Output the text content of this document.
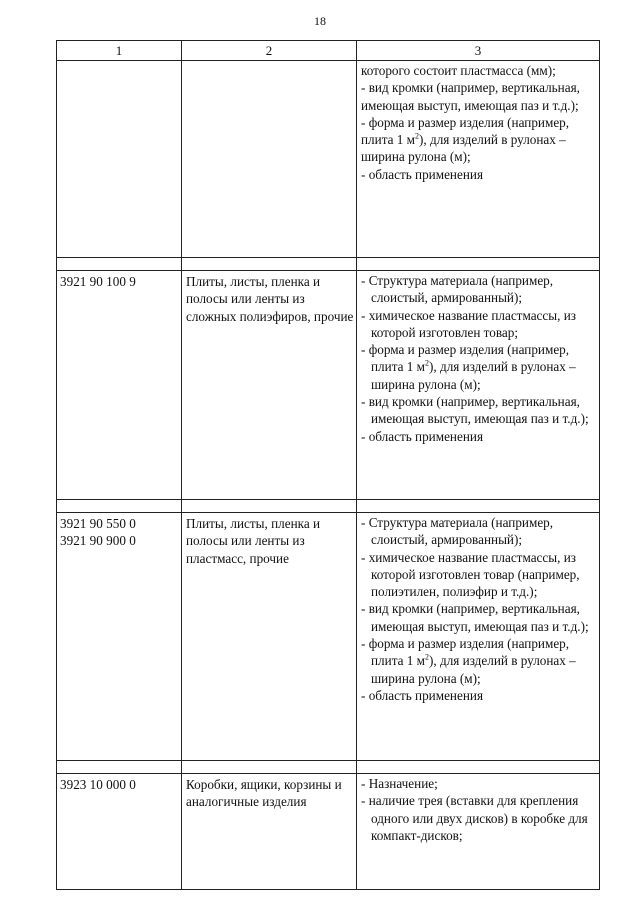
18
1	2	3

		которого состоит пластмасса (мм);
- вид кромки (например, вертикальная, имеющая выступ, имеющая паз и т.д.);
- форма и размер изделия (например, плита 1 $м^2$), для изделий в рулонах – ширина рулона (м);
- область применения

3921 90 100 9	Плиты, листы, пленка и полосы или ленты из сложных полиэфиров, прочие	- Структура материала (например, слоистый, армированный);
- химическое название пластмассы, из которой изготовлен товар;
- форма и размер изделия (например, плита 1 $м^2$), для изделий в рулонах – ширина рулона (м);
- вид кромки (например, вертикальная, имеющая выступ, имеющая паз и т.д.);
- область применения

3921 90 550 0
3921 90 900 0	Плиты, листы, пленка и полосы или ленты из пластмасс, прочие	- Структура материала (например, слоистый, армированный);
- химическое название пластмассы, из которой изготовлен товар (например, полиэтилен, полиэфир и т.д.);
- вид кромки (например, вертикальная, имеющая выступ, имеющая паз и т.д.);
- форма и размер изделия (например, плита 1 $м^2$), для изделий в рулонах – ширина рулона (м);
- область применения

3923 10 000 0	Коробки, ящики, корзины и аналогичные изделия	- Назначение;
- наличие трея (вставки для крепления одного или двух дисков) в коробке для компакт-дисков;
